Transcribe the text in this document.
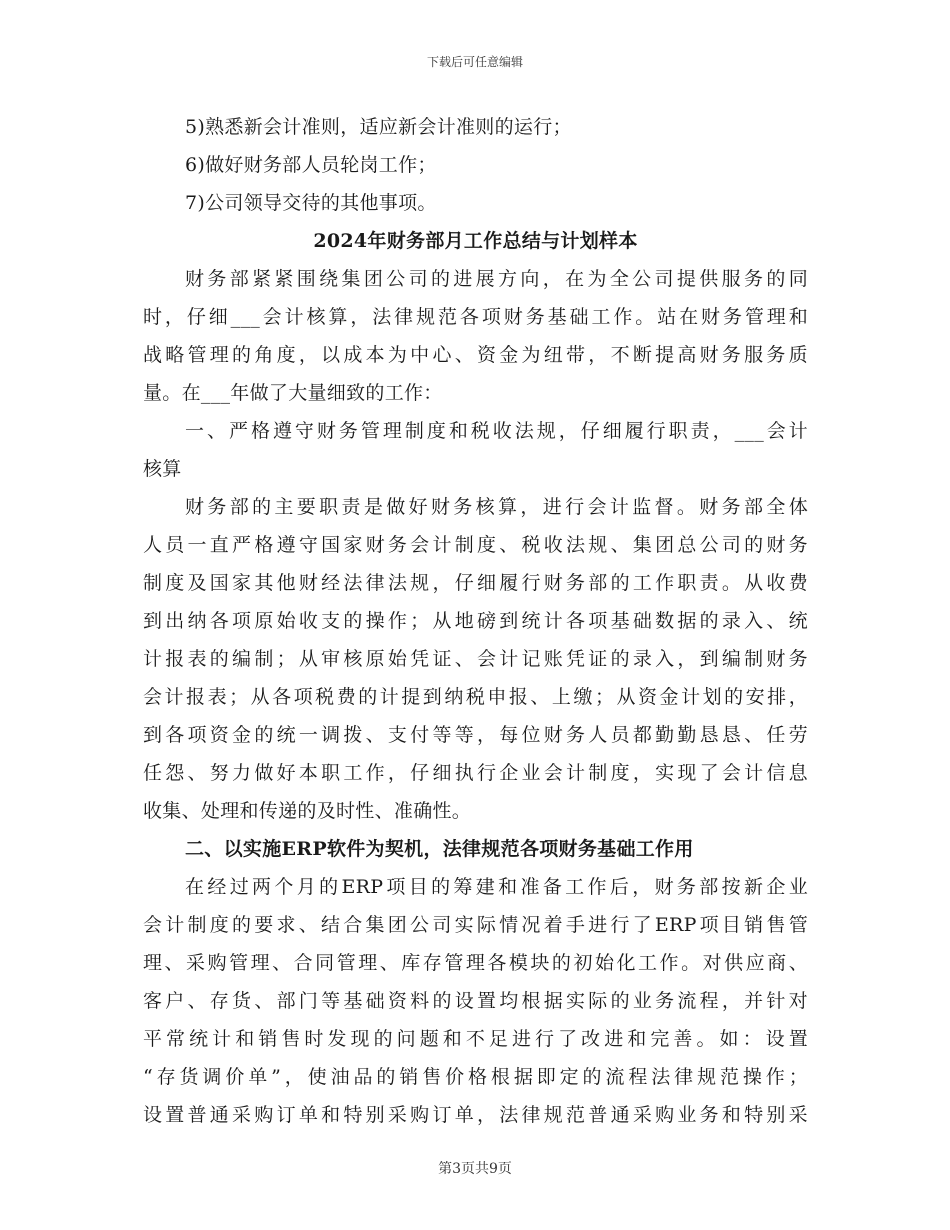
下载后可任意编辑
5)熟悉新会计准则，适应新会计准则的运行；
6)做好财务部人员轮岗工作；
7)公司领导交待的其他事项。
2024年财务部月工作总结与计划样本
财务部紧紧围绕集团公司的进展方向，在为全公司提供服务的同
时，仔细___会计核算，法律规范各项财务基础工作。站在财务管理和
战略管理的角度，以成本为中心、资金为纽带，不断提高财务服务质
量。在___年做了大量细致的工作：
一、严格遵守财务管理制度和税收法规，仔细履行职责，___会计
核算
财务部的主要职责是做好财务核算，进行会计监督。财务部全体
人员一直严格遵守国家财务会计制度、税收法规、集团总公司的财务
制度及国家其他财经法律法规，仔细履行财务部的工作职责。从收费
到出纳各项原始收支的操作；从地磅到统计各项基础数据的录入、统
计报表的编制；从审核原始凭证、会计记账凭证的录入，到编制财务
会计报表；从各项税费的计提到纳税申报、上缴；从资金计划的安排，
到各项资金的统一调拨、支付等等，每位财务人员都勤勤恳恳、任劳
任怨、努力做好本职工作，仔细执行企业会计制度，实现了会计信息
收集、处理和传递的及时性、准确性。
二、以实施ERP软件为契机，法律规范各项财务基础工作用
在经过两个月的ERP项目的筹建和准备工作后，财务部按新企业
会计制度的要求、结合集团公司实际情况着手进行了ERP项目销售管
理、采购管理、合同管理、库存管理各模块的初始化工作。对供应商、
客户、存货、部门等基础资料的设置均根据实际的业务流程，并针对
平常统计和销售时发现的问题和不足进行了改进和完善。如：设置
“存货调价单”，使油品的销售价格根据即定的流程法律规范操作；
设置普通采购订单和特别采购订单，法律规范普通采购业务和特别采
第3页共9页
